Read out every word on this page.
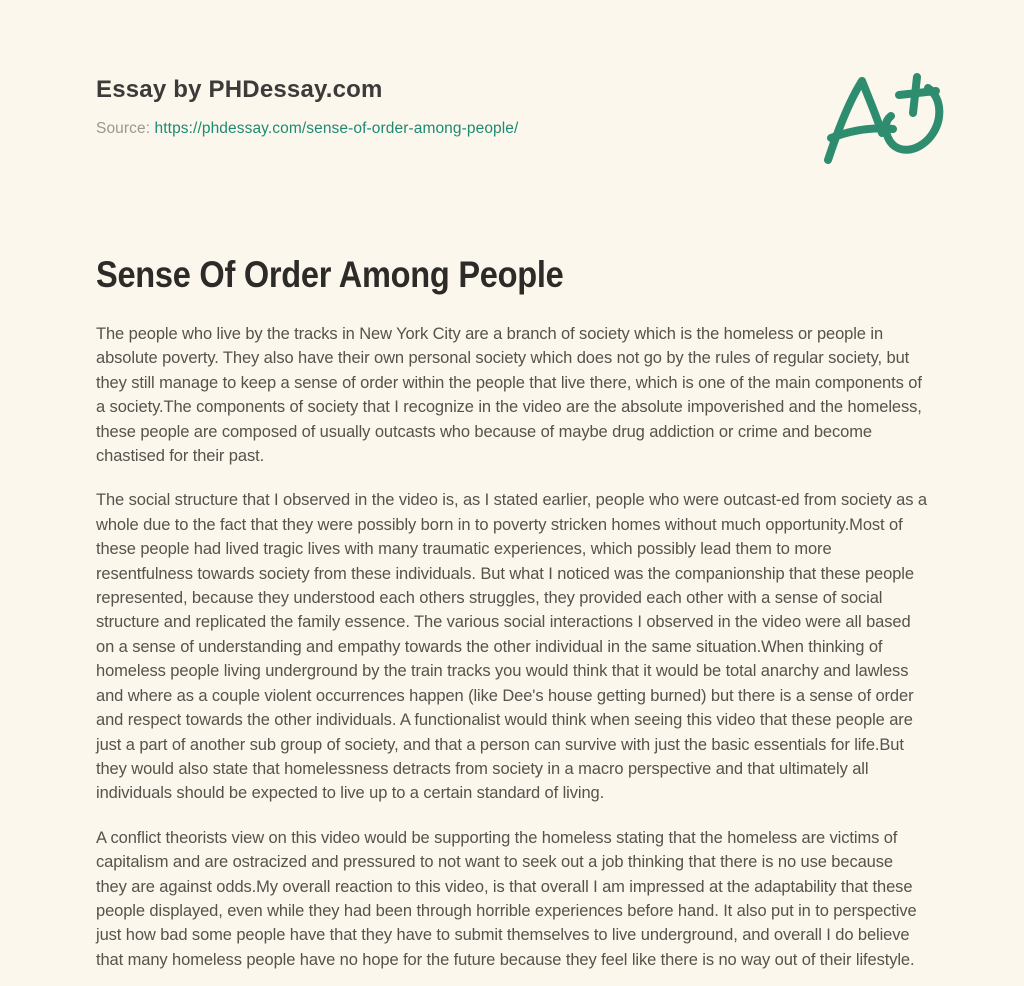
Essay by PHDessay.com
Source: https://phdessay.com/sense-of-order-among-people/
Sense Of Order Among People

The people who live by the tracks in New York City are a branch of society which is the homeless or people in absolute poverty. They also have their own personal society which does not go by the rules of regular society, but they still manage to keep a sense of order within the people that live there, which is one of the main components of a society.The components of society that I recognize in the video are the absolute impoverished and the homeless, these people are composed of usually outcasts who because of maybe drug addiction or crime and become chastised for their past.

The social structure that I observed in the video is, as I stated earlier, people who were outcast-ed from society as a whole due to the fact that they were possibly born in to poverty stricken homes without much opportunity.Most of these people had lived tragic lives with many traumatic experiences, which possibly lead them to more resentfulness towards society from these individuals. But what I noticed was the companionship that these people represented, because they understood each others struggles, they provided each other with a sense of social structure and replicated the family essence. The various social interactions I observed in the video were all based on a sense of understanding and empathy towards the other individual in the same situation.When thinking of homeless people living underground by the train tracks you would think that it would be total anarchy and lawless and where as a couple violent occurrences happen (like Dee's house getting burned) but there is a sense of order and respect towards the other individuals. A functionalist would think when seeing this video that these people are just a part of another sub group of society, and that a person can survive with just the basic essentials for life.But they would also state that homelessness detracts from society in a macro perspective and that ultimately all individuals should be expected to live up to a certain standard of living.

A conflict theorists view on this video would be supporting the homeless stating that the homeless are victims of capitalism and are ostracized and pressured to not want to seek out a job thinking that there is no use because they are against odds.My overall reaction to this video, is that overall I am impressed at the adaptability that these people displayed, even while they had been through horrible experiences before hand. It also put in to perspective just how bad some people have that they have to submit themselves to live underground, and overall I do believe that many homeless people have no hope for the future because they feel like there is no way out of their lifestyle.
